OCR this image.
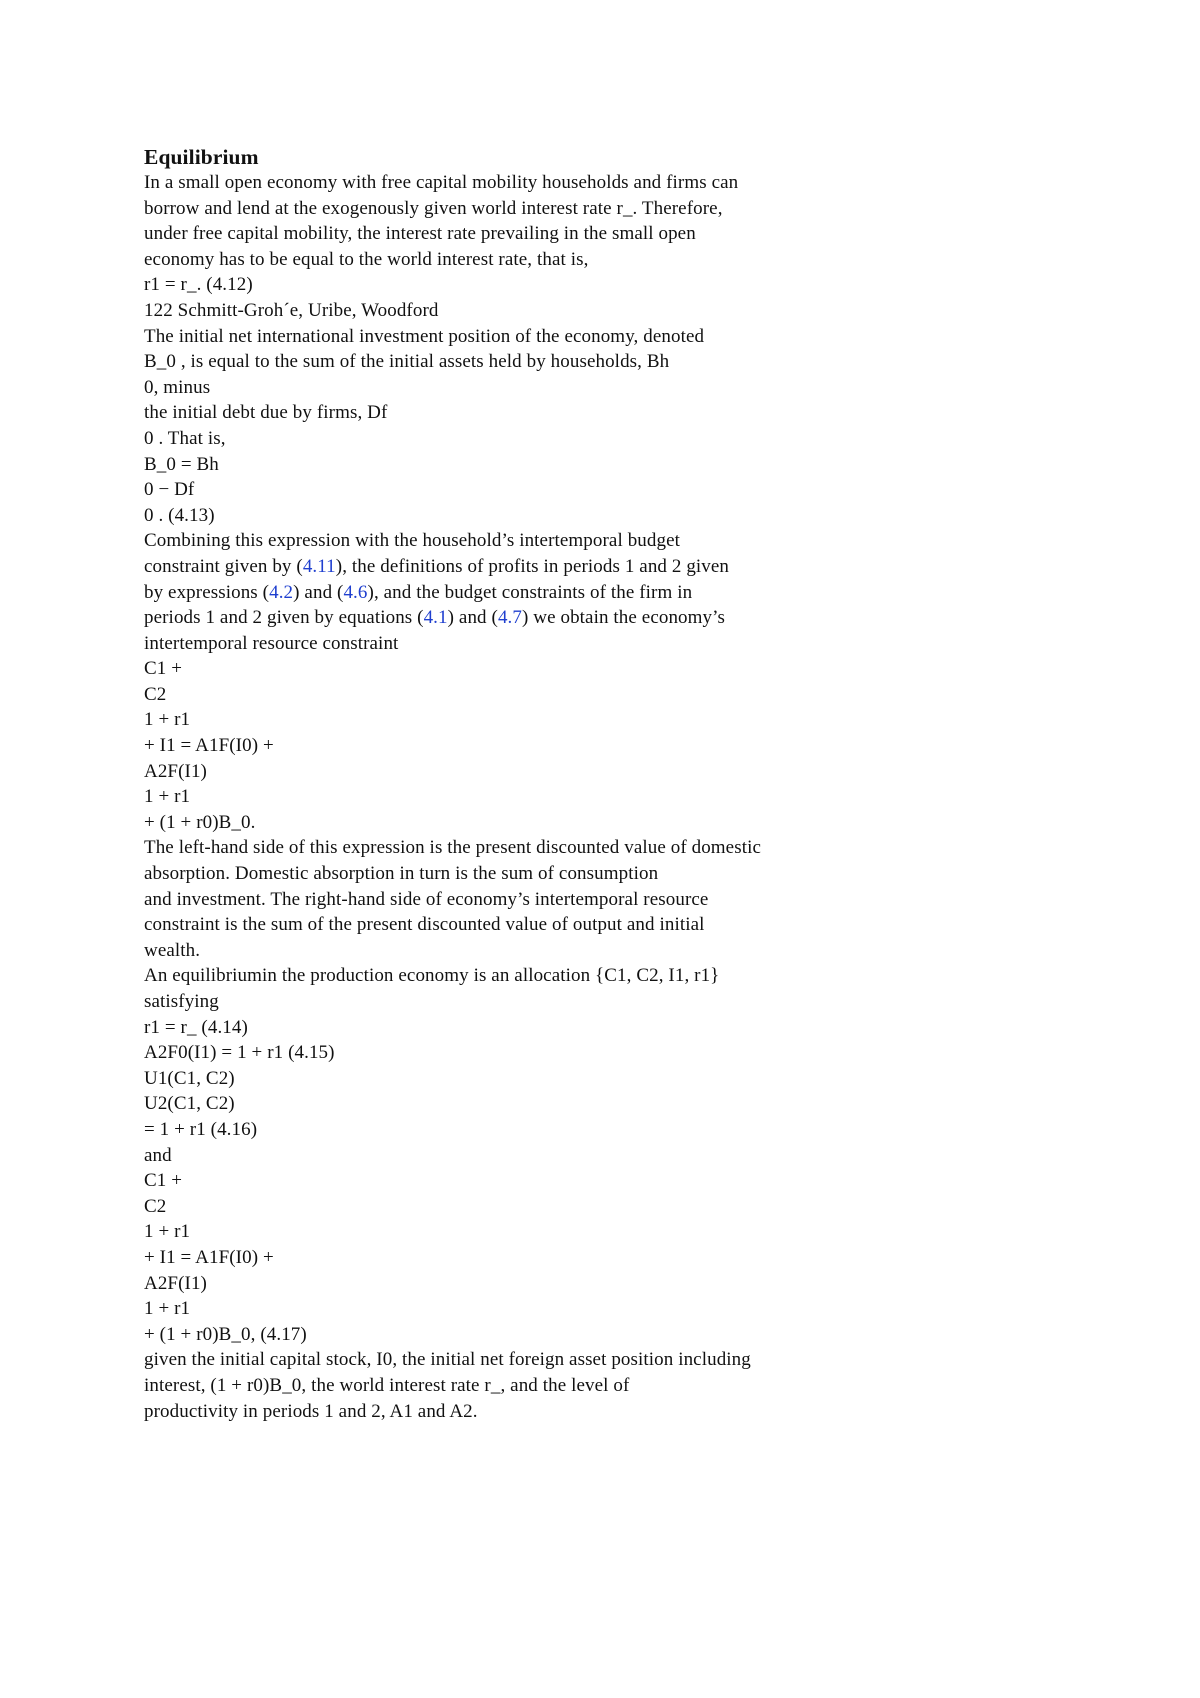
Equilibrium
In a small open economy with free capital mobility households and firms can
borrow and lend at the exogenously given world interest rate r_. Therefore,
under free capital mobility, the interest rate prevailing in the small open
economy has to be equal to the world interest rate, that is,
r1 = r_. (4.12)
122 Schmitt-Groh´e, Uribe, Woodford
The initial net international investment position of the economy, denoted
B_0 , is equal to the sum of the initial assets held by households, Bh
0, minus
the initial debt due by firms, Df
0 . That is,
B_0 = Bh
0 − Df
0 . (4.13)
Combining this expression with the household’s intertemporal budget
constraint given by (4.11), the definitions of profits in periods 1 and 2 given
by expressions (4.2) and (4.6), and the budget constraints of the firm in
periods 1 and 2 given by equations (4.1) and (4.7) we obtain the economy’s
intertemporal resource constraint
C1 +
C2
1 + r1
+ I1 = A1F(I0) +
A2F(I1)
1 + r1
+ (1 + r0)B_0.
The left-hand side of this expression is the present discounted value of domestic
absorption. Domestic absorption in turn is the sum of consumption
and investment. The right-hand side of economy’s intertemporal resource
constraint is the sum of the present discounted value of output and initial
wealth.
An equilibriumin the production economy is an allocation {C1, C2, I1, r1}
satisfying
r1 = r_ (4.14)
A2F0(I1) = 1 + r1 (4.15)
U1(C1, C2)
U2(C1, C2)
= 1 + r1 (4.16)
and
C1 +
C2
1 + r1
+ I1 = A1F(I0) +
A2F(I1)
1 + r1
+ (1 + r0)B_0, (4.17)
given the initial capital stock, I0, the initial net foreign asset position including
interest, (1 + r0)B_0, the world interest rate r_, and the level of
productivity in periods 1 and 2, A1 and A2.
